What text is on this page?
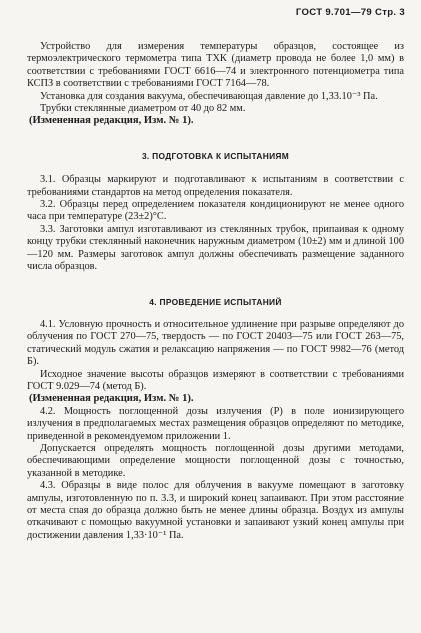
ГОСТ 9.701—79 Стр. 3

Устройство для измерения температуры образцов, состоящее из термоэлектрического термометра типа ТХК (диаметр провода не более 1,0 мм) в соответствии с требованиями ГОСТ 6616—74 и электронного потенциометра типа КСПЗ в соответствии с требованиями ГОСТ 7164—78.

Установка для создания вакуума, обеспечивающая давление до 1,33.10⁻³ Па.

Трубки стеклянные диаметром от 40 до 82 мм.

(Измененная редакция, Изм. № 1).

3. ПОДГОТОВКА К ИСПЫТАНИЯМ

3.1. Образцы маркируют и подготавливают к испытаниям в соответствии с требованиями стандартов на метод определения показателя.

3.2. Образцы перед определением показателя кондиционируют не менее одного часа при температуре (23±2)°С.

3.3. Заготовки ампул изготавливают из стеклянных трубок, припаивая к одному концу трубки стеклянный наконечник наружным диаметром (10±2) мм и длиной 100—120 мм. Размеры заготовок ампул должны обеспечивать размещение заданного числа образцов.

4. ПРОВЕДЕНИЕ ИСПЫТАНИЙ

4.1. Условную прочность и относительное удлинение при разрыве определяют до облучения по ГОСТ 270—75, твердость — по ГОСТ 20403—75 или ГОСТ 263—75, статический модуль сжатия и релаксацию напряжения — по ГОСТ 9982—76 (метод Б).

Исходное значение высоты образцов измеряют в соответствии с требованиями ГОСТ 9.029—74 (метод Б).

(Измененная редакция, Изм. № 1).

4.2. Мощность поглощенной дозы излучения (Р) в поле ионизирующего излучения в предполагаемых местах размещения образцов определяют по методике, приведенной в рекомендуемом приложении 1.

Допускается определять мощность поглощенной дозы другими методами, обеспечивающими определение мощности поглощенной дозы с точностью, указанной в методике.

4.3. Образцы в виде полос для облучения в вакууме помещают в заготовку ампулы, изготовленную по п. 3.3, и широкий конец запаивают. При этом расстояние от места спая до образца должно быть не менее длины образца. Воздух из ампулы откачивают с помощью вакуумной установки и запаивают узкий конец ампулы при достижении давления 1,33·10⁻¹ Па.
